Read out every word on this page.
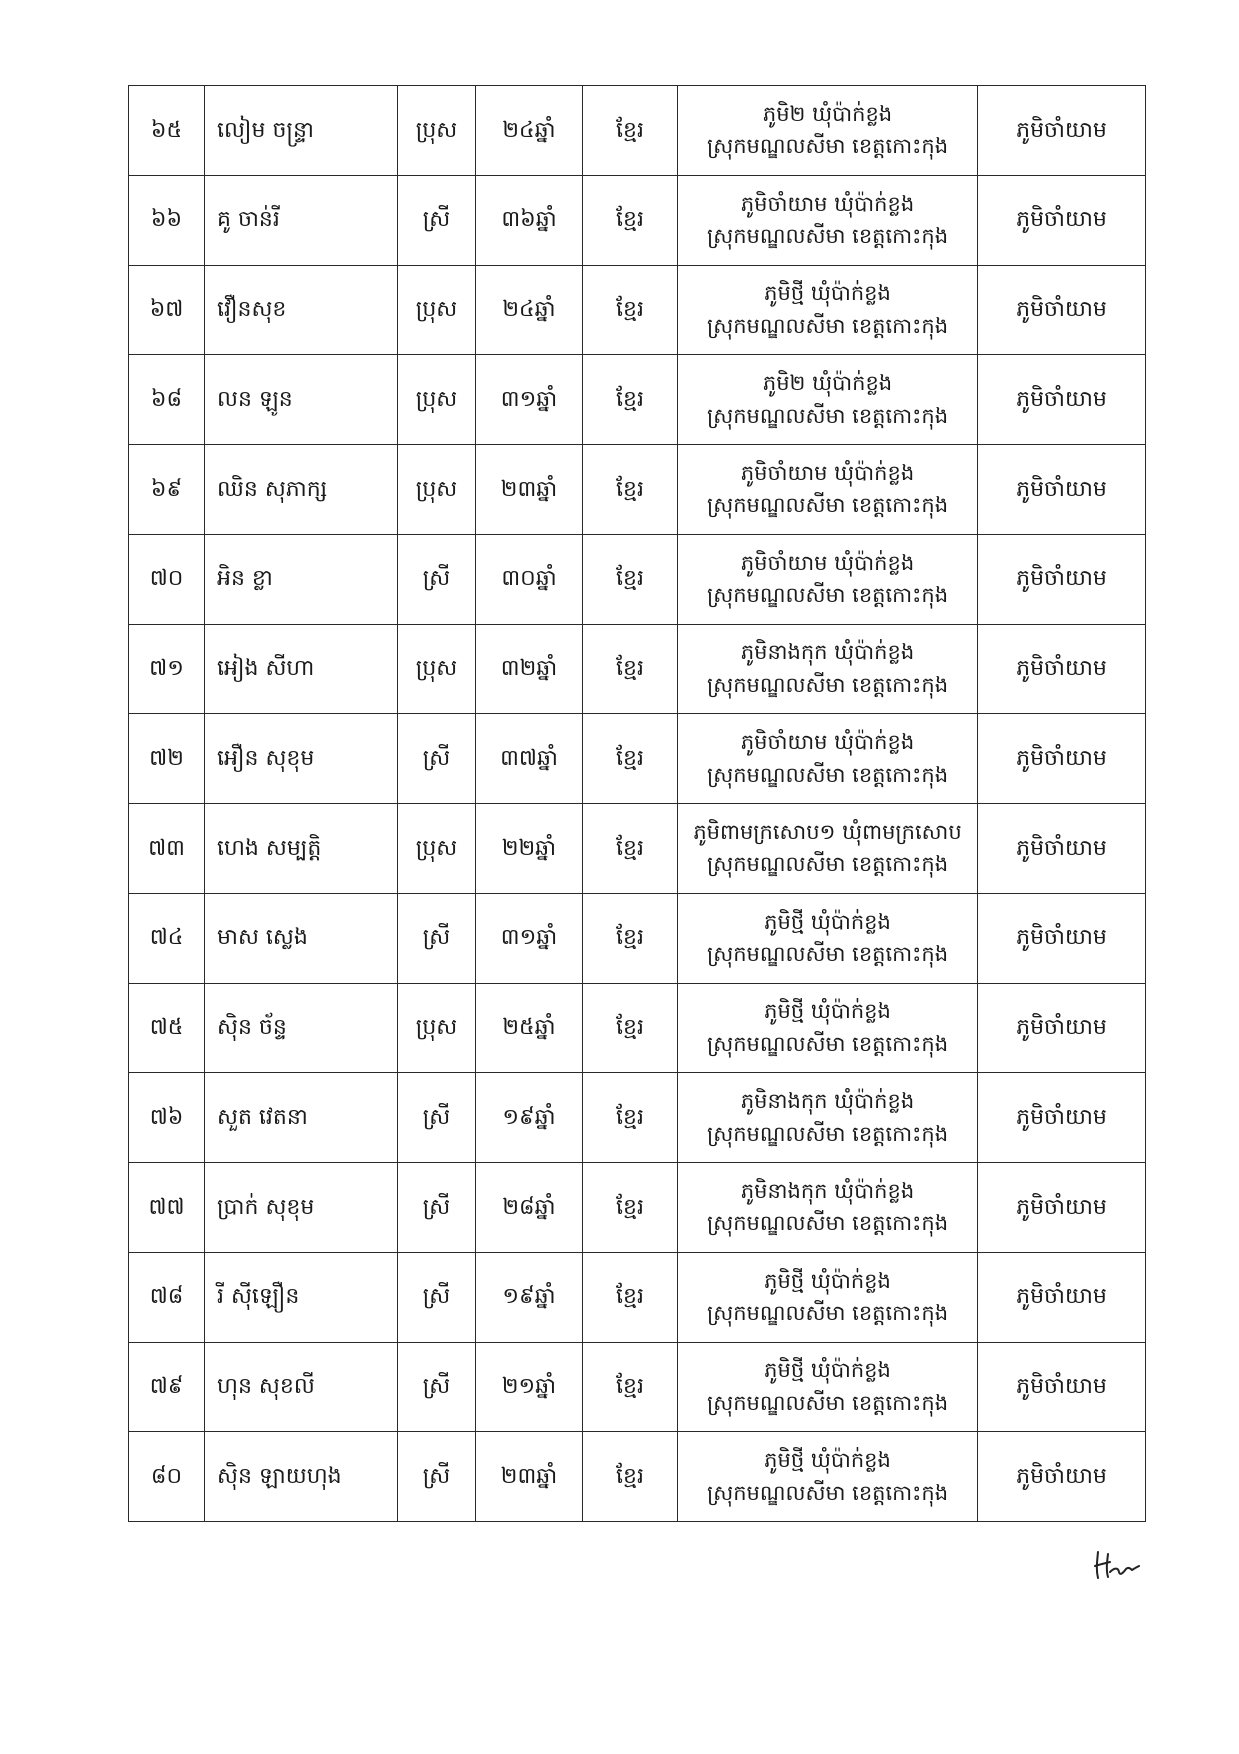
៦៥	លៀម ចន្ទ្រា	ប្រុស	២៤ឆ្នាំ	ខ្មែរ	ភូមិ២ ឃុំប៉ាក់ខ្លង
ស្រុកមណ្ឌលសីមា ខេត្តកោះកុង	ភូមិចាំយាម
៦៦	គូ ចាន់រី	ស្រី	៣៦ឆ្នាំ	ខ្មែរ	ភូមិចាំយាម ឃុំប៉ាក់ខ្លង
ស្រុកមណ្ឌលសីមា ខេត្តកោះកុង	ភូមិចាំយាម
៦៧	វឿនសុខ	ប្រុស	២៤ឆ្នាំ	ខ្មែរ	ភូមិថ្មី ឃុំប៉ាក់ខ្លង
ស្រុកមណ្ឌលសីមា ខេត្តកោះកុង	ភូមិចាំយាម
៦៨	លន ឡូន	ប្រុស	៣១ឆ្នាំ	ខ្មែរ	ភូមិ២ ឃុំប៉ាក់ខ្លង
ស្រុកមណ្ឌលសីមា ខេត្តកោះកុង	ភូមិចាំយាម
៦៩	ឈិន សុភាក្ស	ប្រុស	២៣ឆ្នាំ	ខ្មែរ	ភូមិចាំយាម ឃុំប៉ាក់ខ្លង
ស្រុកមណ្ឌលសីមា ខេត្តកោះកុង	ភូមិចាំយាម
៧០	អិន ខ្លា	ស្រី	៣០ឆ្នាំ	ខ្មែរ	ភូមិចាំយាម ឃុំប៉ាក់ខ្លង
ស្រុកមណ្ឌលសីមា ខេត្តកោះកុង	ភូមិចាំយាម
៧១	អៀង សីហា	ប្រុស	៣២ឆ្នាំ	ខ្មែរ	ភូមិនាងកុក ឃុំប៉ាក់ខ្លង
ស្រុកមណ្ឌលសីមា ខេត្តកោះកុង	ភូមិចាំយាម
៧២	អឿន សុខុម	ស្រី	៣៧ឆ្នាំ	ខ្មែរ	ភូមិចាំយាម ឃុំប៉ាក់ខ្លង
ស្រុកមណ្ឌលសីមា ខេត្តកោះកុង	ភូមិចាំយាម
៧៣	ហេង សម្បត្តិ	ប្រុស	២២ឆ្នាំ	ខ្មែរ	ភូមិពាមក្រសោប១ ឃុំពាមក្រសោប
ស្រុកមណ្ឌលសីមា ខេត្តកោះកុង	ភូមិចាំយាម
៧៤	មាស ស្លេង	ស្រី	៣១ឆ្នាំ	ខ្មែរ	ភូមិថ្មី ឃុំប៉ាក់ខ្លង
ស្រុកមណ្ឌលសីមា ខេត្តកោះកុង	ភូមិចាំយាម
៧៥	ស៊ិន ច័ន្ទ	ប្រុស	២៥ឆ្នាំ	ខ្មែរ	ភូមិថ្មី ឃុំប៉ាក់ខ្លង
ស្រុកមណ្ឌលសីមា ខេត្តកោះកុង	ភូមិចាំយាម
៧៦	សួត វេតនា	ស្រី	១៩ឆ្នាំ	ខ្មែរ	ភូមិនាងកុក ឃុំប៉ាក់ខ្លង
ស្រុកមណ្ឌលសីមា ខេត្តកោះកុង	ភូមិចាំយាម
៧៧	ប្រាក់ សុខុម	ស្រី	២៨ឆ្នាំ	ខ្មែរ	ភូមិនាងកុក ឃុំប៉ាក់ខ្លង
ស្រុកមណ្ឌលសីមា ខេត្តកោះកុង	ភូមិចាំយាម
៧៨	រី ស៊ីឡឿន	ស្រី	១៩ឆ្នាំ	ខ្មែរ	ភូមិថ្មី ឃុំប៉ាក់ខ្លង
ស្រុកមណ្ឌលសីមា ខេត្តកោះកុង	ភូមិចាំយាម
៧៩	ហុន សុខលី	ស្រី	២១ឆ្នាំ	ខ្មែរ	ភូមិថ្មី ឃុំប៉ាក់ខ្លង
ស្រុកមណ្ឌលសីមា ខេត្តកោះកុង	ភូមិចាំយាម
៨០	ស៊ិន ឡាយហុង	ស្រី	២៣ឆ្នាំ	ខ្មែរ	ភូមិថ្មី ឃុំប៉ាក់ខ្លង
ស្រុកមណ្ឌលសីមា ខេត្តកោះកុង	ភូមិចាំយាម
